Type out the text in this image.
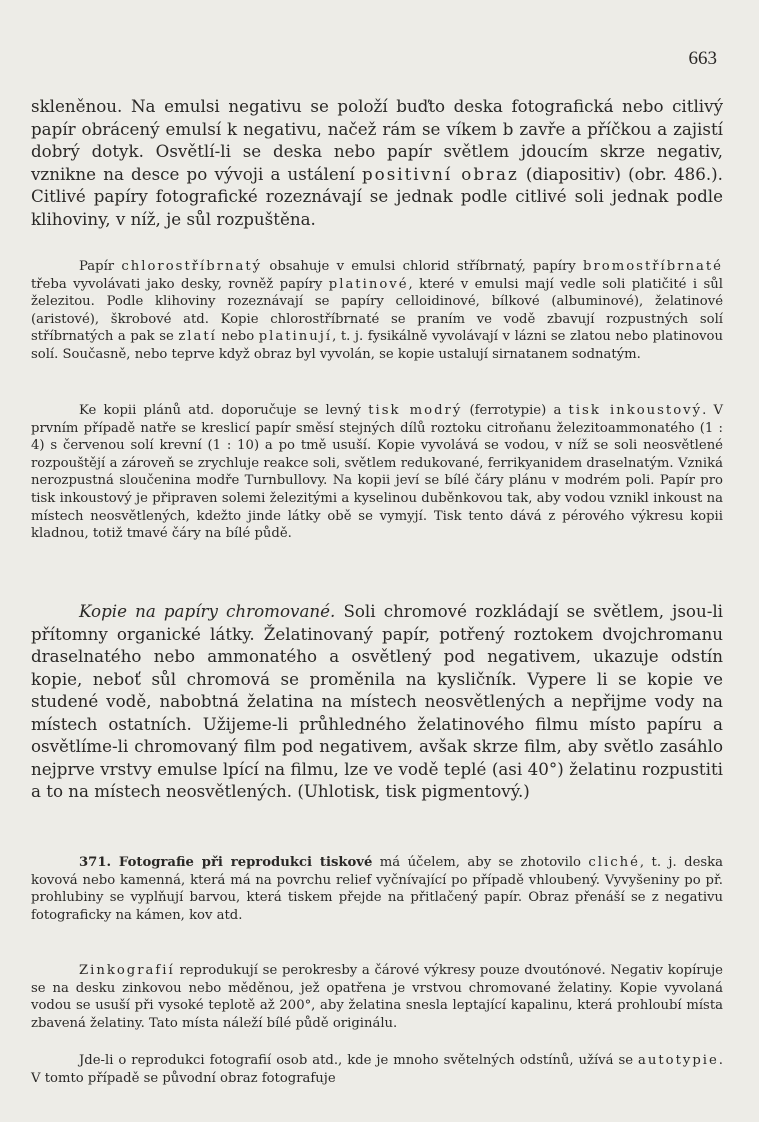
663

skleněnou. Na emulsi negativu se položí buďto deska fotografická nebo citlivý papír obrácený emulsí k negativu, načež rám se víkem b zavře a příčkou a zajistí dobrý dotyk. Osvětlí-li se deska nebo papír světlem jdoucím skrze negativ, vznikne na desce po vývoji a ustálení positivní obraz (diapositiv) (obr. 486.). Citlivé papíry fotografické rozeznávají se jednak podle citlivé soli jednak podle klihoviny, v níž, je sůl rozpuštěna.

Papír chlorostříbrnatý obsahuje v emulsi chlorid stříbrnatý, papíry bromostříbrnaté třeba vyvolávati jako desky, rovněž papíry platinové, které v emulsi mají vedle soli platičité i sůl železitou. Podle klihoviny rozeznávají se papíry celloidinové, bílkové (albuminové), želatinové (aristové), škrobové atd. Kopie chlorostříbrnaté se praním ve vodě zbavují rozpustných solí stříbrnatých a pak se zlatí nebo platinují, t. j. fysikálně vyvolávají v lázni se zlatou nebo platinovou solí. Současně, nebo teprve když obraz byl vyvolán, se kopie ustalují sirnatanem sodnatým.

Ke kopii plánů atd. doporučuje se levný tisk modrý (ferrotypie) a tisk inkoustový. V prvním případě natře se kreslicí papír směsí stejných dílů roztoku citroňanu železitoammonatého (1 : 4) s červenou solí krevní (1 : 10) a po tmě usuší. Kopie vyvolává se vodou, v níž se soli neosvětlené rozpouštějí a zároveň se zrychluje reakce soli, světlem redukované, ferrikyanidem draselnatým. Vzniká nerozpustná sloučenina modře Turnbullovy. Na kopii jeví se bílé čáry plánu v modrém poli. Papír pro tisk inkoustový je připraven solemi železitými a kyselinou duběnkovou tak, aby vodou vznikl inkoust na místech neosvětlených, kdežto jinde látky obě se vymyjí. Tisk tento dává z pérového výkresu kopii kladnou, totiž tmavé čáry na bílé půdě.

Kopie na papíry chromované. Soli chromové rozkládají se světlem, jsou-li přítomny organické látky. Želatinovaný papír, potřený roztokem dvojchromanu draselnatého nebo ammonatého a osvětlený pod negativem, ukazuje odstín kopie, neboť sůl chromová se proměnila na kysličník. Vypere li se kopie ve studené vodě, nabobtná želatina na místech neosvětlených a nepřijme vody na místech ostatních. Užijeme-li průhledného želatinového filmu místo papíru a osvětlíme-li chromovaný film pod negativem, avšak skrze film, aby světlo zasáhlo nejprve vrstvy emulse lpící na filmu, lze ve vodě teplé (asi 40°) želatinu rozpustiti a to na místech neosvětlených. (Uhlotisk, tisk pigmentový.)

371. Fotografie při reprodukci tiskové má účelem, aby se zhotovilo cliché, t. j. deska kovová nebo kamenná, která má na povrchu relief vyčnívající po případě vhloubený. Vyvyšeniny po př. prohlubiny se vyplňují barvou, která tiskem přejde na přitlačený papír. Obraz přenáší se z negativu fotograficky na kámen, kov atd.

Zinkografií reprodukují se perokresby a čárové výkresy pouze dvoutónové. Negativ kopíruje se na desku zinkovou nebo měděnou, jež opatřena je vrstvou chromované želatiny. Kopie vyvolaná vodou se usuší při vysoké teplotě až 200°, aby želatina snesla leptající kapalinu, která prohloubí místa zbavená želatiny. Tato místa náleží bílé půdě originálu.

Jde-li o reprodukci fotografií osob atd., kde je mnoho světelných odstínů, užívá se autotypie. V tomto případě se původní obraz fotografuje
